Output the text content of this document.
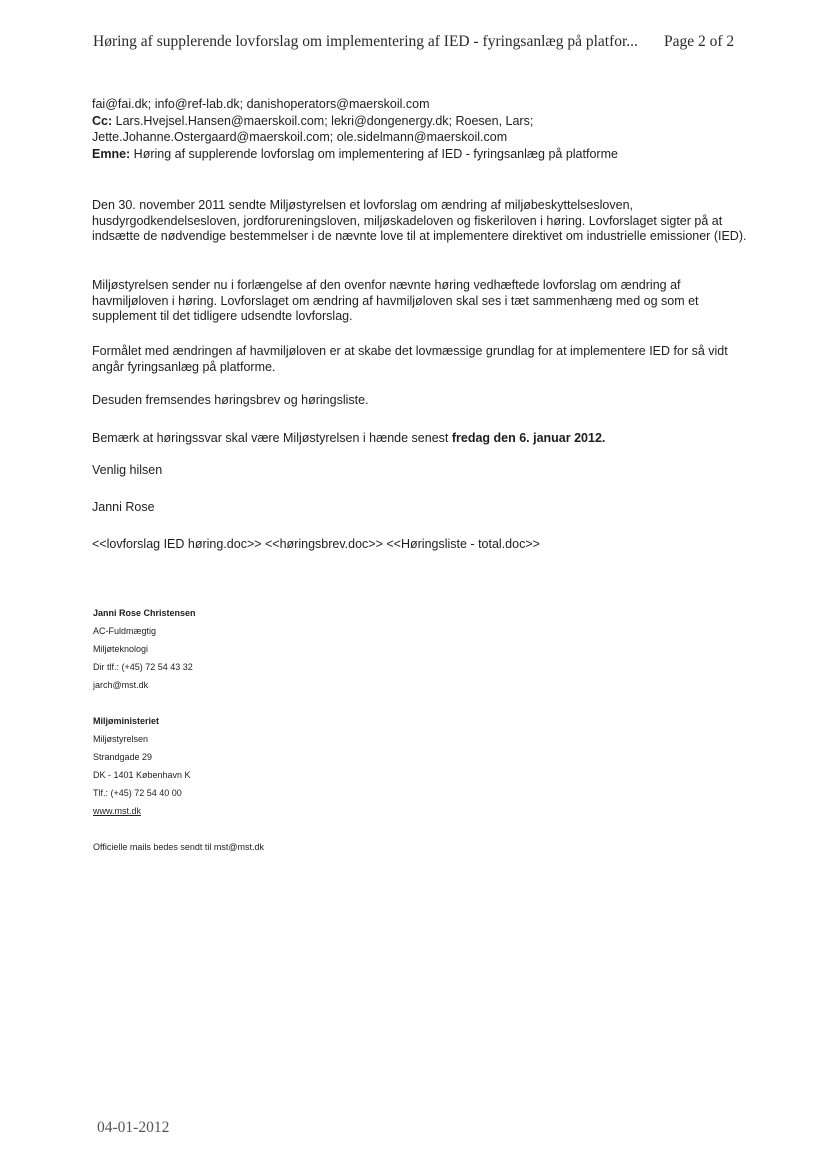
Høring af supplerende lovforslag om implementering af IED - fyringsanlæg på platfor... Page 2 of 2
fai@fai.dk; info@ref-lab.dk; danishoperators@maerskoil.com
Cc: Lars.Hvejsel.Hansen@maerskoil.com; lekri@dongenergy.dk; Roesen, Lars;
Jette.Johanne.Ostergaard@maerskoil.com; ole.sidelmann@maerskoil.com
Emne: Høring af supplerende lovforslag om implementering af IED - fyringsanlæg på platforme
Den 30. november 2011 sendte Miljøstyrelsen et lovforslag om ændring af miljøbeskyttelsesloven, husdyrgodkendelsesloven, jordforureningsloven, miljøskadeloven og fiskeriloven i høring. Lovforslaget sigter på at indsætte de nødvendige bestemmelser i de nævnte love til at implementere direktivet om industrielle emissioner (IED).
Miljøstyrelsen sender nu i forlængelse af den ovenfor nævnte høring vedhæftede lovforslag om ændring af havmiljøloven i høring. Lovforslaget om ændring af havmiljøloven skal ses i tæt sammenhæng med og som et supplement til det tidligere udsendte lovforslag.
Formålet med ændringen af havmiljøloven er at skabe det lovmæssige grundlag for at implementere IED for så vidt angår fyringsanlæg på platforme.
Desuden fremsendes høringsbrev og høringsliste.
Bemærk at høringssvar skal være Miljøstyrelsen i hænde senest fredag den 6. januar 2012.
Venlig hilsen
Janni Rose
<<lovforslag IED høring.doc>> <<høringsbrev.doc>> <<Høringsliste - total.doc>>
Janni Rose Christensen
AC-Fuldmægtig
Miljøteknologi
Dir tlf.: (+45) 72 54 43 32
jarch@mst.dk
Miljøministeriet
Miljøstyrelsen
Strandgade 29
DK - 1401 København K
Tlf.: (+45) 72 54 40 00
www.mst.dk
Officielle mails bedes sendt til mst@mst.dk
04-01-2012
